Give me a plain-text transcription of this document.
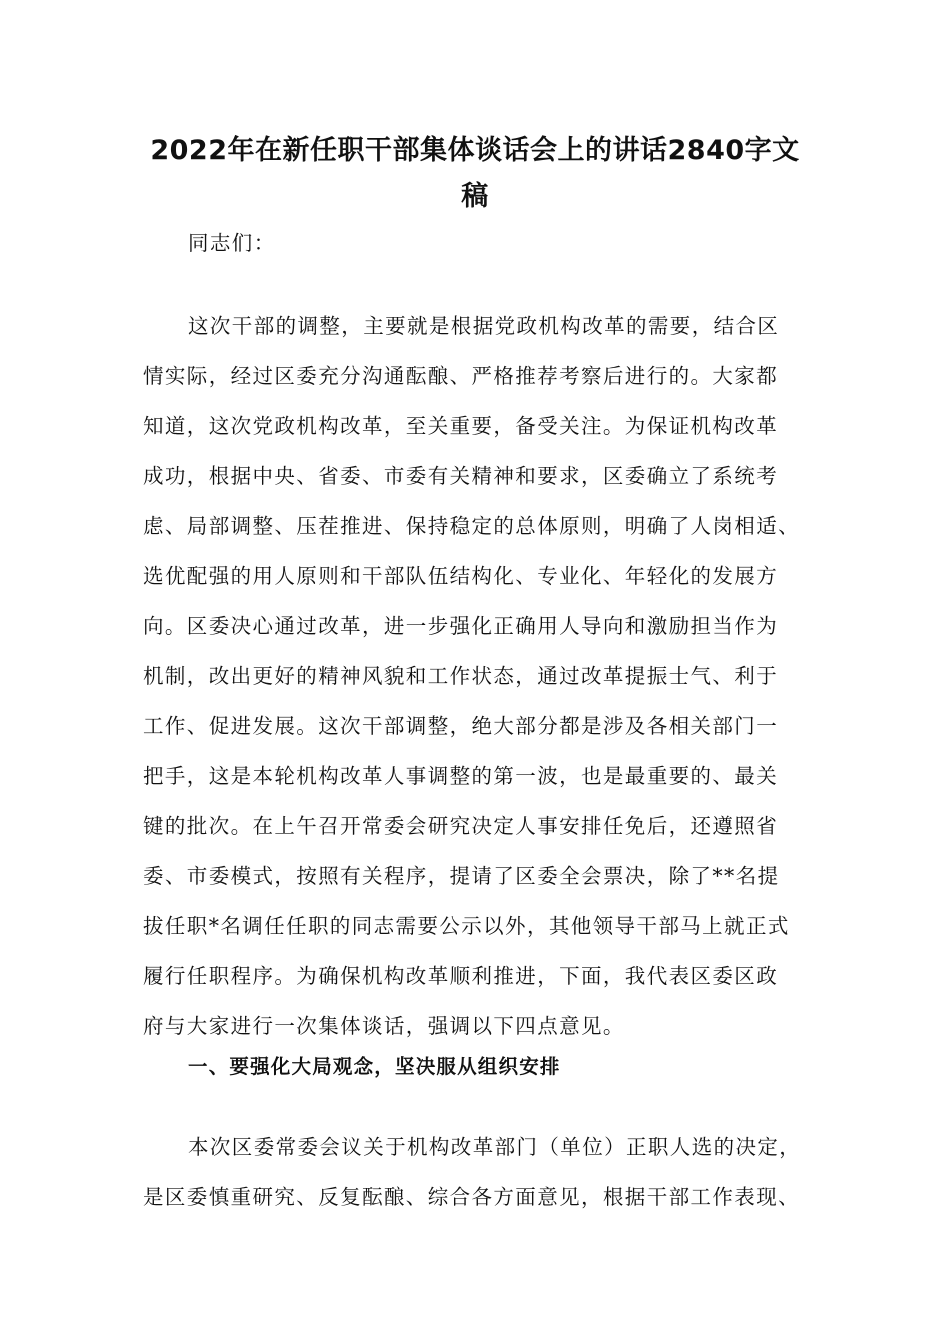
2022年在新任职干部集体谈话会上的讲话2840字文
稿
同志们：
这次干部的调整，主要就是根据党政机构改革的需要，结合区
情实际，经过区委充分沟通酝酿、严格推荐考察后进行的。大家都
知道，这次党政机构改革，至关重要，备受关注。为保证机构改革
成功，根据中央、省委、市委有关精神和要求，区委确立了系统考
虑、局部调整、压茬推进、保持稳定的总体原则，明确了人岗相适、
选优配强的用人原则和干部队伍结构化、专业化、年轻化的发展方
向。区委决心通过改革，进一步强化正确用人导向和激励担当作为
机制，改出更好的精神风貌和工作状态，通过改革提振士气、利于
工作、促进发展。这次干部调整，绝大部分都是涉及各相关部门一
把手，这是本轮机构改革人事调整的第一波，也是最重要的、最关
键的批次。在上午召开常委会研究决定人事安排任免后，还遵照省
委、市委模式，按照有关程序，提请了区委全会票决，除了**名提
拔任职*名调任任职的同志需要公示以外，其他领导干部马上就正式
履行任职程序。为确保机构改革顺利推进，下面，我代表区委区政
府与大家进行一次集体谈话，强调以下四点意见。
一、要强化大局观念，坚决服从组织安排
本次区委常委会议关于机构改革部门（单位）正职人选的决定，
是区委慎重研究、反复酝酿、综合各方面意见，根据干部工作表现、
